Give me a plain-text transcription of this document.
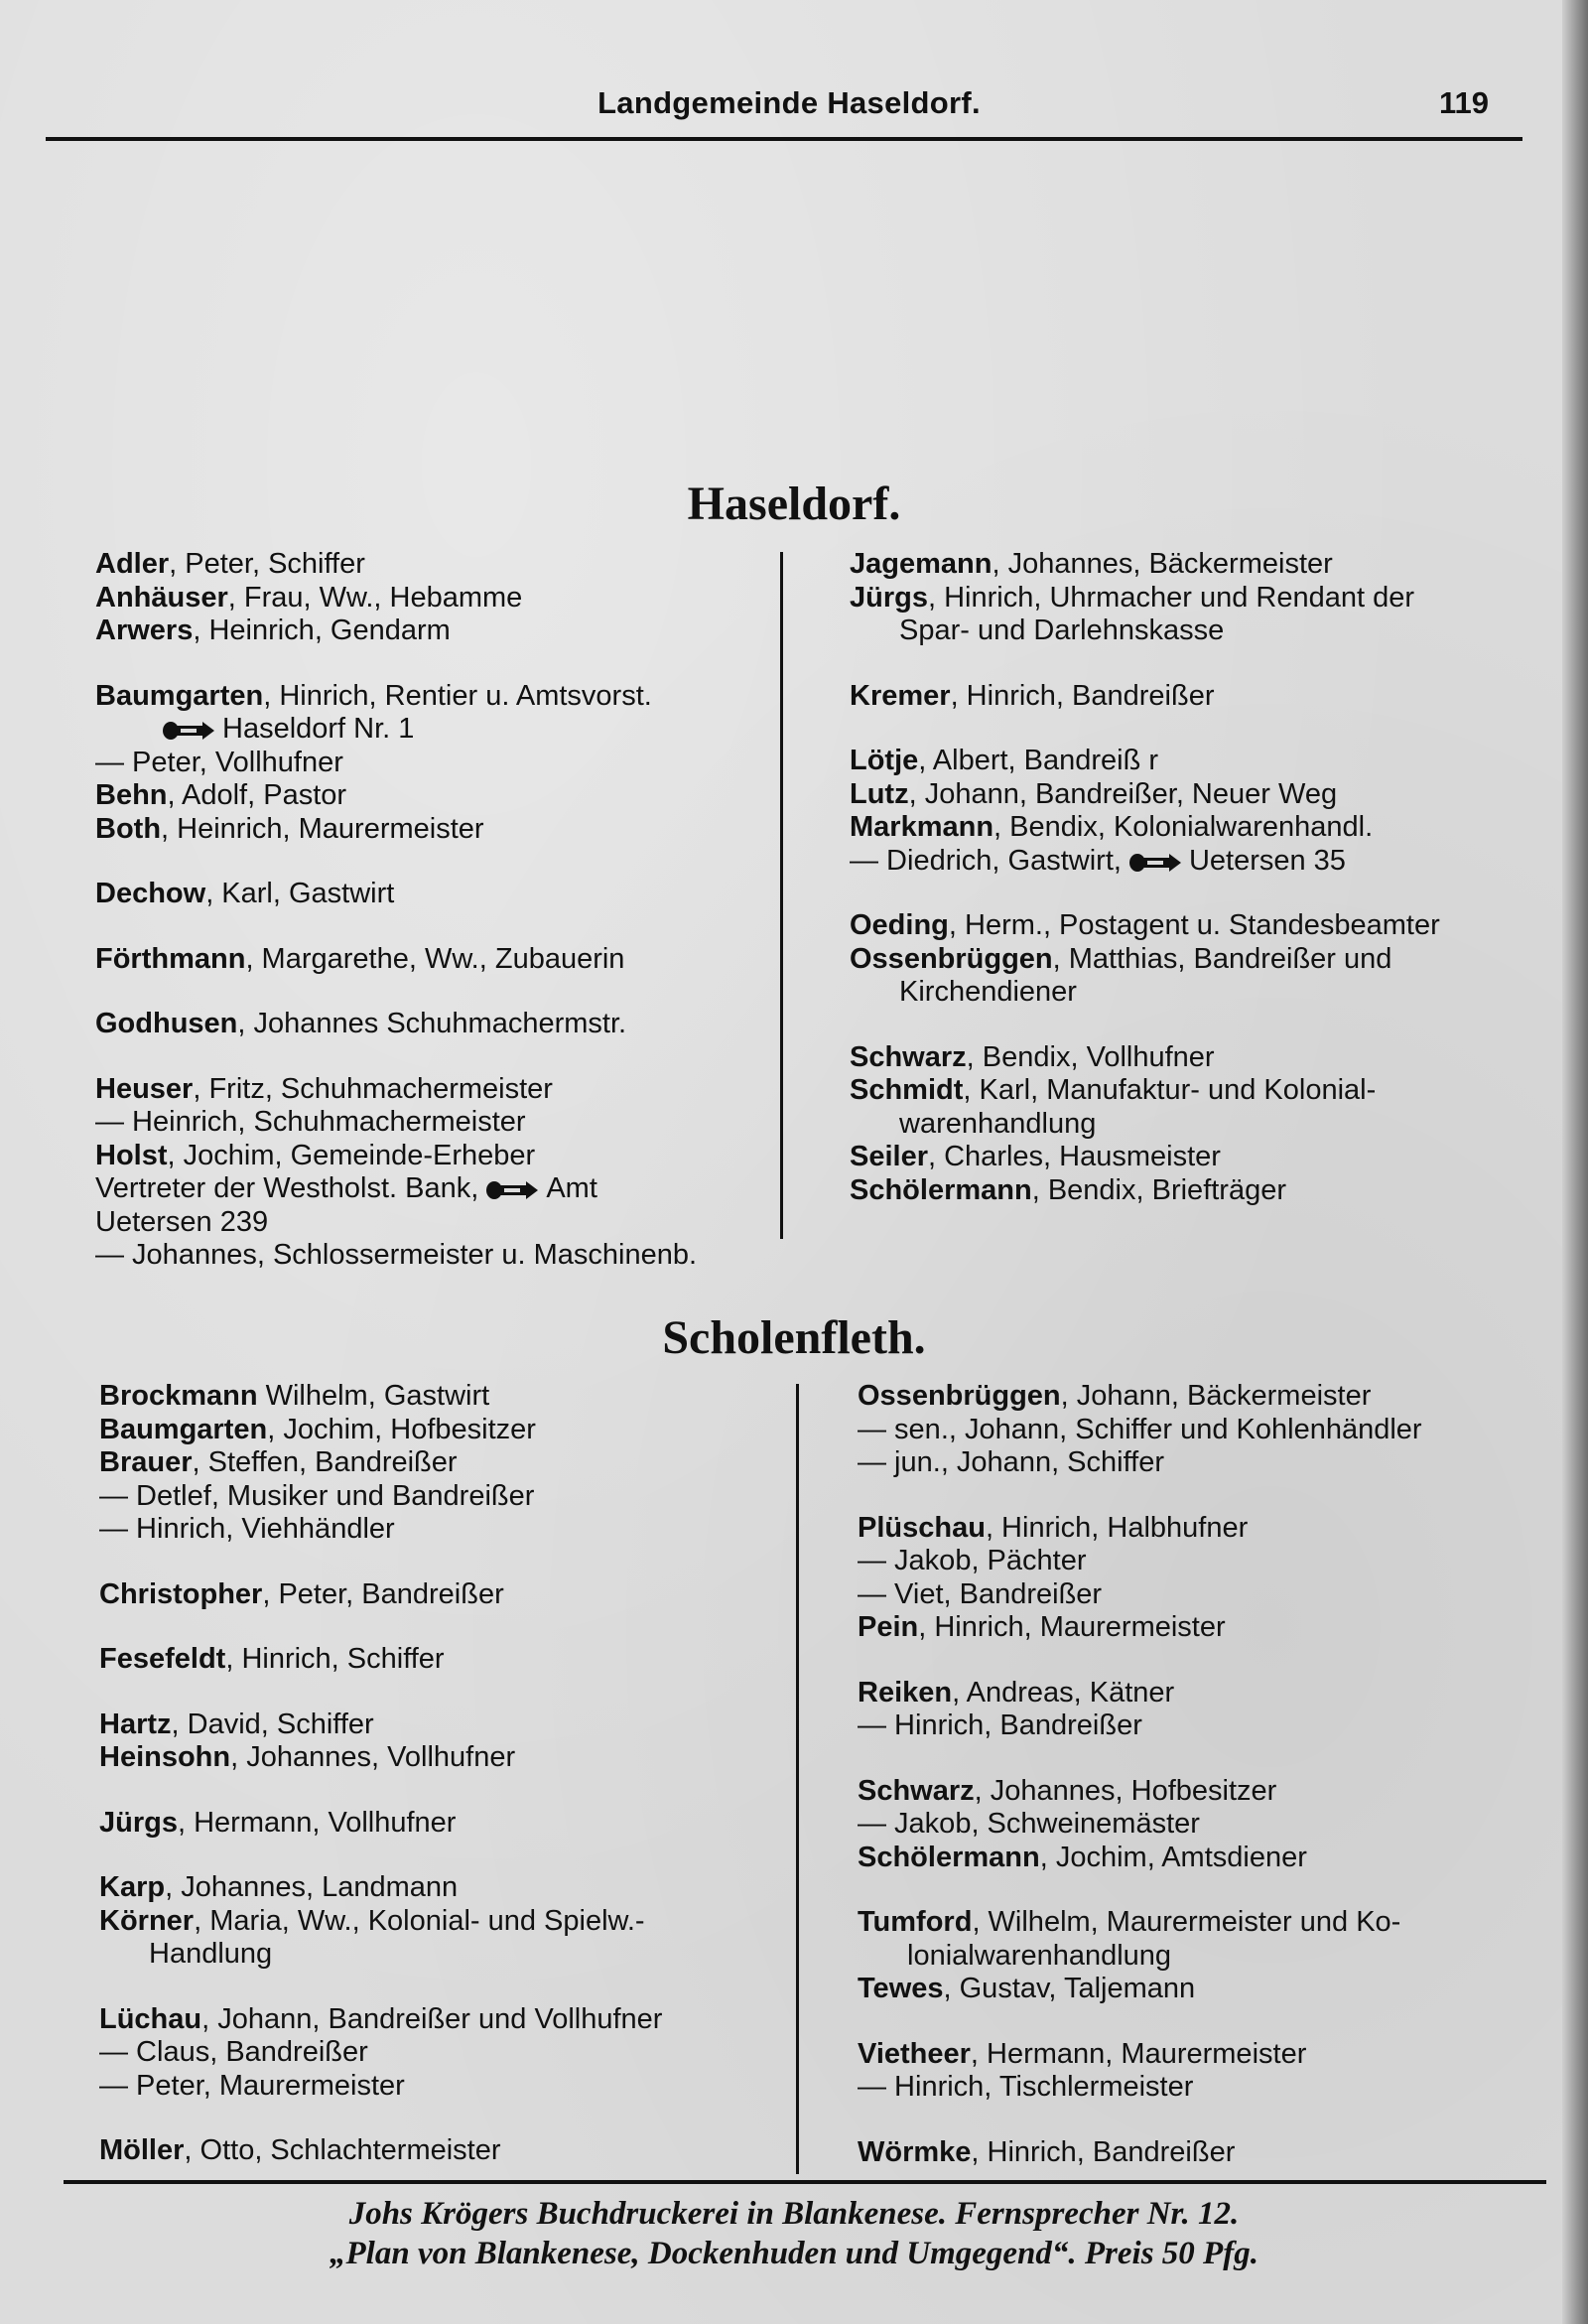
Landgemeinde Haseldorf.	119
Haseldorf.

Adler, Peter, Schiffer

Anhäuser, Frau, Ww., Hebamme

Arwers, Heinrich, Gendarm

Baumgarten, Hinrich, Rentier u. Amtsvorst.

Haseldorf Nr. 1

— Peter, Vollhufner

Behn, Adolf, Pastor

Both, Heinrich, Maurermeister

Dechow, Karl, Gastwirt

Förthmann, Margarethe, Ww., Zubauerin

Godhusen, Johannes Schuhmachermstr.

Heuser, Fritz, Schuhmachermeister

— Heinrich, Schuhmachermeister

Holst, Jochim, Gemeinde-Erheber

Vertreter der Westholst. Bank, Amt

Uetersen 239

— Johannes, Schlossermeister u. Maschinenb.

Jagemann, Johannes, Bäckermeister

Jürgs, Hinrich, Uhrmacher und Rendant der

Spar- und Darlehnskasse

Kremer, Hinrich, Bandreißer

Lötje, Albert, Bandreiß r

Lutz, Johann, Bandreißer, Neuer Weg

Markmann, Bendix, Kolonialwarenhandl.

— Diedrich, Gastwirt, Uetersen 35

Oeding, Herm., Postagent u. Standesbeamter

Ossenbrüggen, Matthias, Bandreißer und

Kirchendiener

Schwarz, Bendix, Vollhufner

Schmidt, Karl, Manufaktur- und Kolonial-

warenhandlung

Seiler, Charles, Hausmeister

Schölermann, Bendix, Briefträger

Scholenfleth.

Brockmann Wilhelm, Gastwirt

Baumgarten, Jochim, Hofbesitzer

Brauer, Steffen, Bandreißer

— Detlef, Musiker und Bandreißer

— Hinrich, Viehhändler

Christopher, Peter, Bandreißer

Fesefeldt, Hinrich, Schiffer

Hartz, David, Schiffer

Heinsohn, Johannes, Vollhufner

Jürgs, Hermann, Vollhufner

Karp, Johannes, Landmann

Körner, Maria, Ww., Kolonial- und Spielw.-

Handlung

Lüchau, Johann, Bandreißer und Vollhufner

— Claus, Bandreißer

— Peter, Maurermeister

Möller, Otto, Schlachtermeister

Ossenbrüggen, Johann, Bäckermeister

— sen., Johann, Schiffer und Kohlenhändler

— jun., Johann, Schiffer

Plüschau, Hinrich, Halbhufner

— Jakob, Pächter

— Viet, Bandreißer

Pein, Hinrich, Maurermeister

Reiken, Andreas, Kätner

— Hinrich, Bandreißer

Schwarz, Johannes, Hofbesitzer

— Jakob, Schweinemäster

Schölermann, Jochim, Amtsdiener

Tumford, Wilhelm, Maurermeister und Ko-

lonialwarenhandlung

Tewes, Gustav, Taljemann

Vietheer, Hermann, Maurermeister

— Hinrich, Tischlermeister

Wörmke, Hinrich, Bandreißer

Johs Krögers Buchdruckerei in Blankenese. Fernsprecher Nr. 12.
„Plan von Blankenese, Dockenhuden und Umgegend“. Preis 50 Pfg.
